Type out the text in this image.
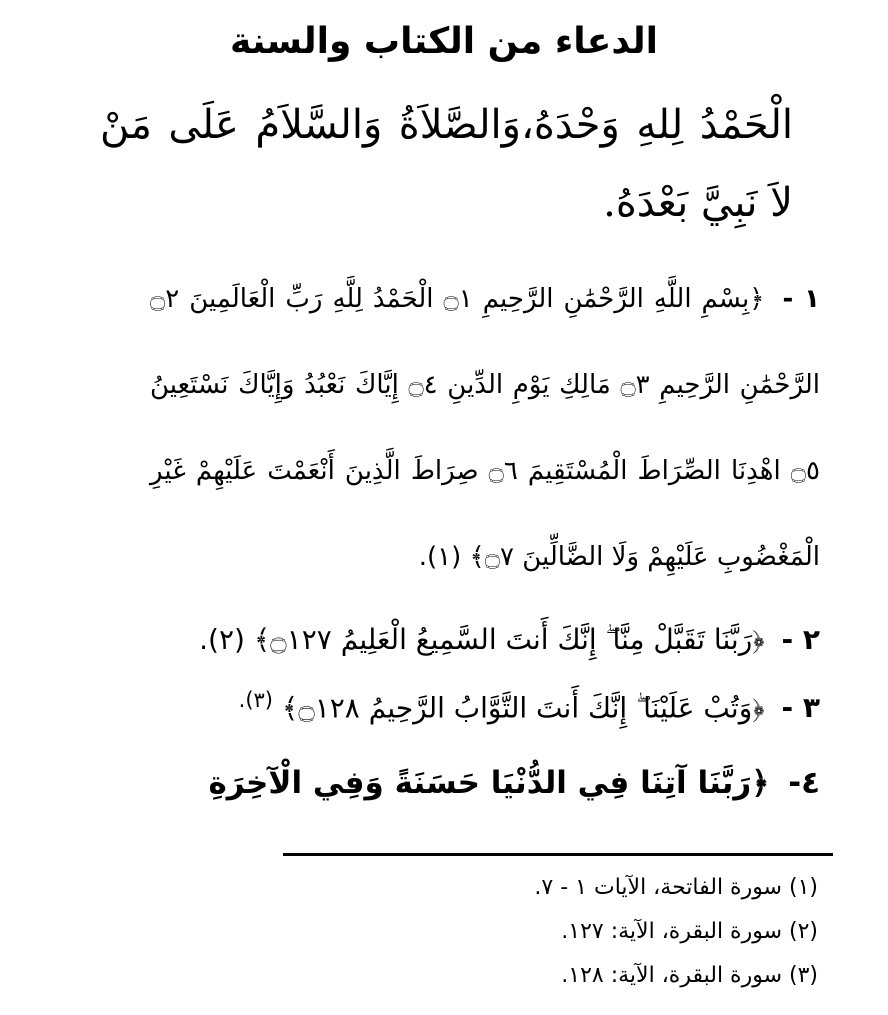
الدعاء من الكتاب والسنة
الْحَمْدُ لِلهِ وَحْدَهُ،وَالصَّلاَةُ وَالسَّلاَمُ عَلَى مَنْ لاَ نَبِيَّ بَعْدَهُ.
١ - ﴿بِسْمِ اللَّهِ الرَّحْمَٰنِ الرَّحِيمِ ۝١ الْحَمْدُ لِلَّهِ رَبِّ الْعَالَمِينَ ۝٢ الرَّحْمَٰنِ الرَّحِيمِ ۝٣ مَالِكِ يَوْمِ الدِّينِ ۝٤ إِيَّاكَ نَعْبُدُ وَإِيَّاكَ نَسْتَعِينُ ۝٥ اهْدِنَا الصِّرَاطَ الْمُسْتَقِيمَ ۝٦ صِرَاطَ الَّذِينَ أَنْعَمْتَ عَلَيْهِمْ غَيْرِ الْمَغْضُوبِ عَلَيْهِمْ وَلَا الضَّالِّينَ ۝٧﴾ (١).
٢ - ﴿رَبَّنَا تَقَبَّلْ مِنَّا ۖ إِنَّكَ أَنتَ السَّمِيعُ الْعَلِيمُ ۝١٢٧﴾ (٢).
٣ - ﴿وَتُبْ عَلَيْنَا ۖ إِنَّكَ أَنتَ التَّوَّابُ الرَّحِيمُ ۝١٢٨﴾ $^{(٣).}$
٤- ﴿رَبَّنَا آتِنَا فِي الدُّنْيَا حَسَنَةً وَفِي الْآخِرَةِ
(١) سورة الفاتحة، الآيات ١ - ٧.
(٢) سورة البقرة، الآية: ١٢٧.
(٣) سورة البقرة، الآية: ١٢٨.
